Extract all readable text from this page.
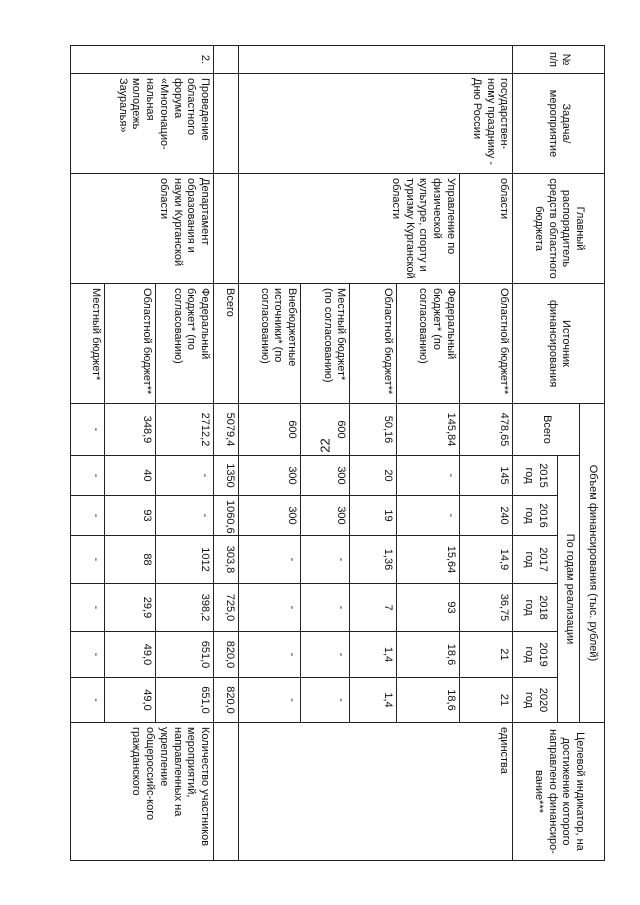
22
№ п/п	Задача/ мероприятие	Главный распорядитель средств областного бюджета	Источник финансирования	Объем финансирования (тыс. рублей)							Целевой индикатор, на достижение которого направлено финансиро-вание***
				Всего	По годам реализации						
					2015 год	2016 год	2017 год	2018 год	2019 год	2020 год	
	государствен-ному празднику - Дню России	области	Областной бюджет**	478,65	145	240	14,9	36,75	21	21	единства
		Управление по физической культуре, спорту и туризму Курганской области	Федеральный бюджет* (по согласованию)	145,84	-	-	15,64	93	18,6	18,6	
			Областной бюджет**	50,16	20	19	1,36	7	1,4	1,4	
			Местный бюджет* (по согласованию)	600	300	300	-	-	-	-	
			Внебюджетные источники* (по согласованию)	600	300	300	-	-	-	-	
			Всего	5079,4	1350	1060,6	303,8	725,0	820,0	820,0	
2.	Проведение областного форума «Многонацио-нальная молодежь Зауралья»	Департамент образования и науки Курганской области	Федеральный бюджет* (по согласованию)	2712,2	-	-	1012	398,2	651,0	651,0	Количество участников мероприятий, направленных на укрепление общероссийс-кого гражданского
			Областной бюджет**	348,9	40	93	88	29,9	49,0	49,0	
			Местный бюджет*	-	-	-	-	-	-	-	
